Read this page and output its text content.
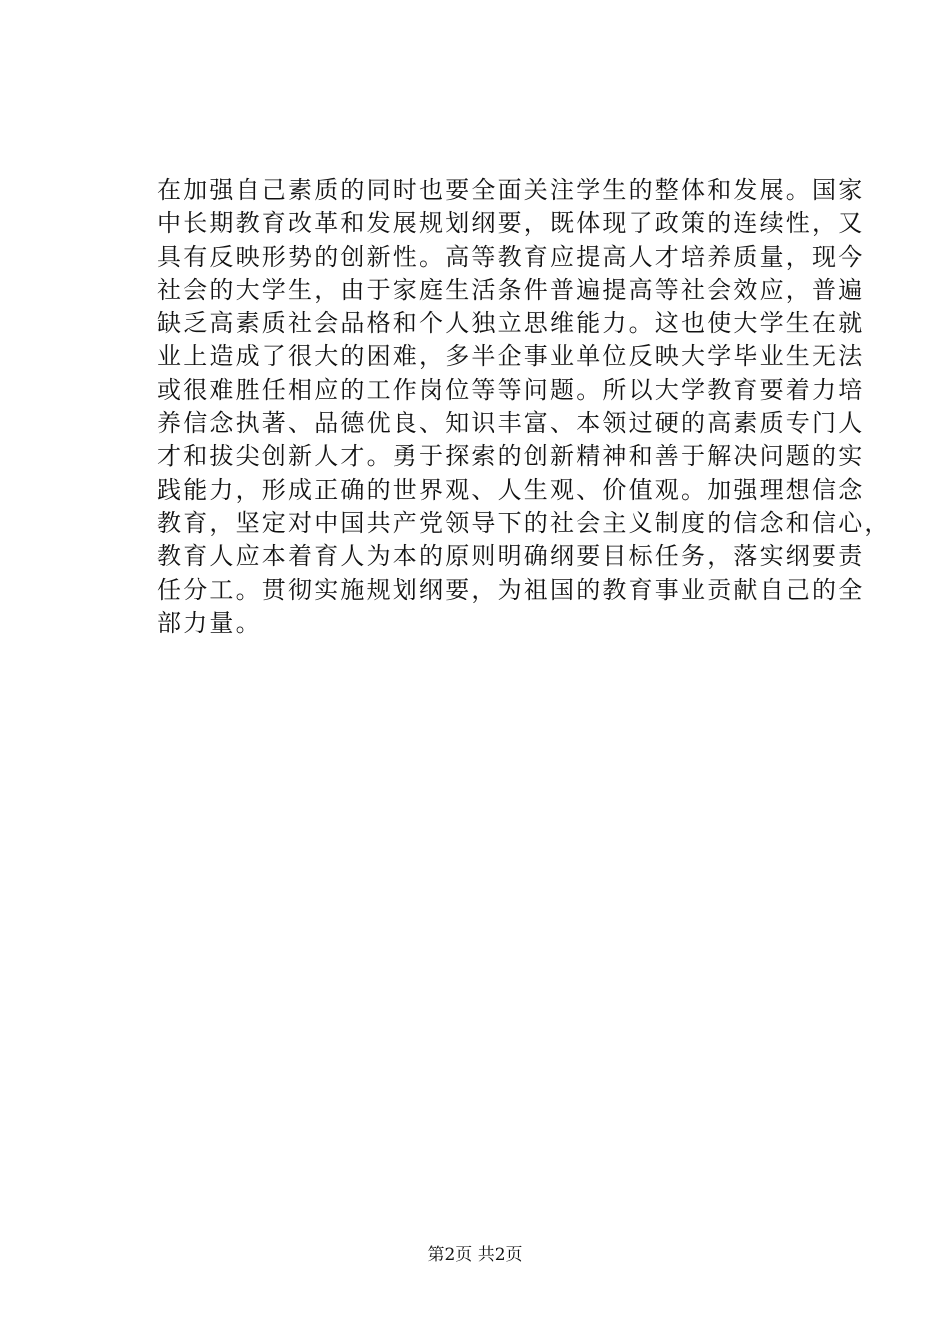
在加强自己素质的同时也要全面关注学生的整体和发展。国家
中长期教育改革和发展规划纲要，既体现了政策的连续性，又
具有反映形势的创新性。高等教育应提高人才培养质量，现今
社会的大学生，由于家庭生活条件普遍提高等社会效应，普遍
缺乏高素质社会品格和个人独立思维能力。这也使大学生在就
业上造成了很大的困难，多半企事业单位反映大学毕业生无法
或很难胜任相应的工作岗位等等问题。所以大学教育要着力培
养信念执著、品德优良、知识丰富、本领过硬的高素质专门人
才和拔尖创新人才。勇于探索的创新精神和善于解决问题的实
践能力，形成正确的世界观、人生观、价值观。加强理想信念
教育，坚定对中国共产党领导下的社会主义制度的信念和信心，
教育人应本着育人为本的原则明确纲要目标任务，落实纲要责
任分工。贯彻实施规划纲要，为祖国的教育事业贡献自己的全
部力量。
第2页 共2页
